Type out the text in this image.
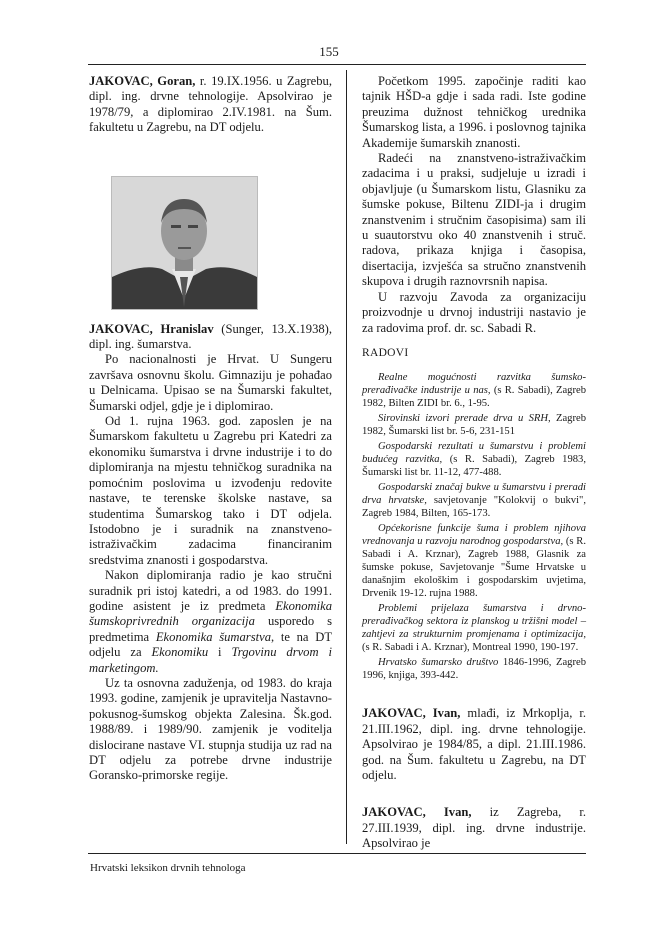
155

JAKOVAC, Goran, r. 19.IX.1956. u Zagrebu, dipl. ing. drvne tehnologije. Apsolvirao je 1978/79, a diplomirao 2.IV.1981. na Šum. fakultetu u Zagrebu, na DT odjelu.

JAKOVAC, Hranislav (Sunger, 13.X.1938), dipl. ing. šumarstva.

Po nacionalnosti je Hrvat. U Sungeru završava osnovnu školu. Gimnaziju je pohađao u Delnicama. Upisao se na Šumarski fakultet, Šumarski odjel, gdje je i diplomirao.

Od 1. rujna 1963. god. zaposlen je na Šumarskom fakultetu u Zagrebu pri Katedri za ekonomiku šumarstva i drvne industrije i to do diplomiranja na mjestu tehničkog suradnika na pomoćnim poslovima u izvođenju redovite nastave, te terenske školske nastave, sa studentima Šumarskog tako i DT odjela. Istodobno je i suradnik na znanstveno-istraživačkim zadacima financiranim sredstvima znanosti i gospodarstva.

Nakon diplomiranja radio je kao stručni suradnik pri istoj katedri, a od 1983. do 1991. godine asistent je iz predmeta Ekonomika šumskoprivrednih organizacija usporedo s predmetima Ekonomika šumarstva, te na DT odjelu za Ekonomiku i Trgovinu drvom i marketingom.

Uz ta osnovna zaduženja, od 1983. do kraja 1993. godine, zamjenik je upravitelja Nastavno-pokusnog-šumskog objekta Zalesina. Šk.god. 1988/89. i 1989/90. zamjenik je voditelja dislocirane nastave VI. stupnja studija uz rad na DT odjelu za potrebe drvne industrije Goransko-primorske regije.

Početkom 1995. započinje raditi kao tajnik HŠD-a gdje i sada radi. Iste godine preuzima dužnost tehničkog urednika Šumarskog lista, a 1996. i poslovnog tajnika Akademije šumarskih znanosti.

Radeći na znanstveno-istraživačkim zadacima i u praksi, sudjeluje u izradi i objavljuje (u Šumarskom listu, Glasniku za šumske pokuse, Biltenu ZIDI-ja i drugim znanstvenim i stručnim časopisima) sam ili u suautorstvu oko 40 znanstvenih i struč. radova, prikaza knjiga i časopisa, disertacija, izvješća sa stručno znanstvenih skupova i drugih raznovrsnih napisa.

U razvoju Zavoda za organizaciju proizvodnje u drvnoj industriji nastavio je za radovima prof. dr. sc. Sabadi R.

RADOVI

Realne mogućnosti razvitka šumsko-prerađivačke industrije u nas, (s R. Sabadi), Zagreb 1982, Bilten ZIDI br. 6., 1-95.

Sirovinski izvori prerade drva u SRH, Zagreb 1982, Šumarski list br. 5-6, 231-151

Gospodarski rezultati u šumarstvu i problemi budućeg razvitka, (s R. Sabadi), Zagreb 1983, Šumarski list br. 11-12, 477-488.

Gospodarski značaj bukve u šumarstvu i preradi drva hrvatske, savjetovanje "Kolokvij o bukvi", Zagreb 1984, Bilten, 165-173.

Općekorisne funkcije šuma i problem njihova vrednovanja u razvoju narodnog gospodarstva, (s R. Sabadi i A. Krznar), Zagreb 1988, Glasnik za šumske pokuse, Savjetovanje "Šume Hrvatske u današnjim ekološkim i gospodarskim uvjetima, Drvenik 19-12. rujna 1988.

Problemi prijelaza šumarstva i drvno-prerađivačkog sektora iz planskog u tržišni model – zahtjevi za strukturnim promjenama i optimizacija, (s R. Sabadi i A. Krznar), Montreal 1990, 190-197.

Hrvatsko šumarsko društvo 1846-1996, Zagreb 1996, knjiga, 393-442.

JAKOVAC, Ivan, mlađi, iz Mrkoplja, r. 21.III.1962, dipl. ing. drvne tehnologije. Apsolvirao je 1984/85, a dipl. 21.III.1986. god. na Šum. fakultetu u Zagrebu, na DT odjelu.

JAKOVAC, Ivan, iz Zagreba, r. 27.III.1939, dipl. ing. drvne industrije. Apsolvirao je

Hrvatski leksikon drvnih tehnologa
